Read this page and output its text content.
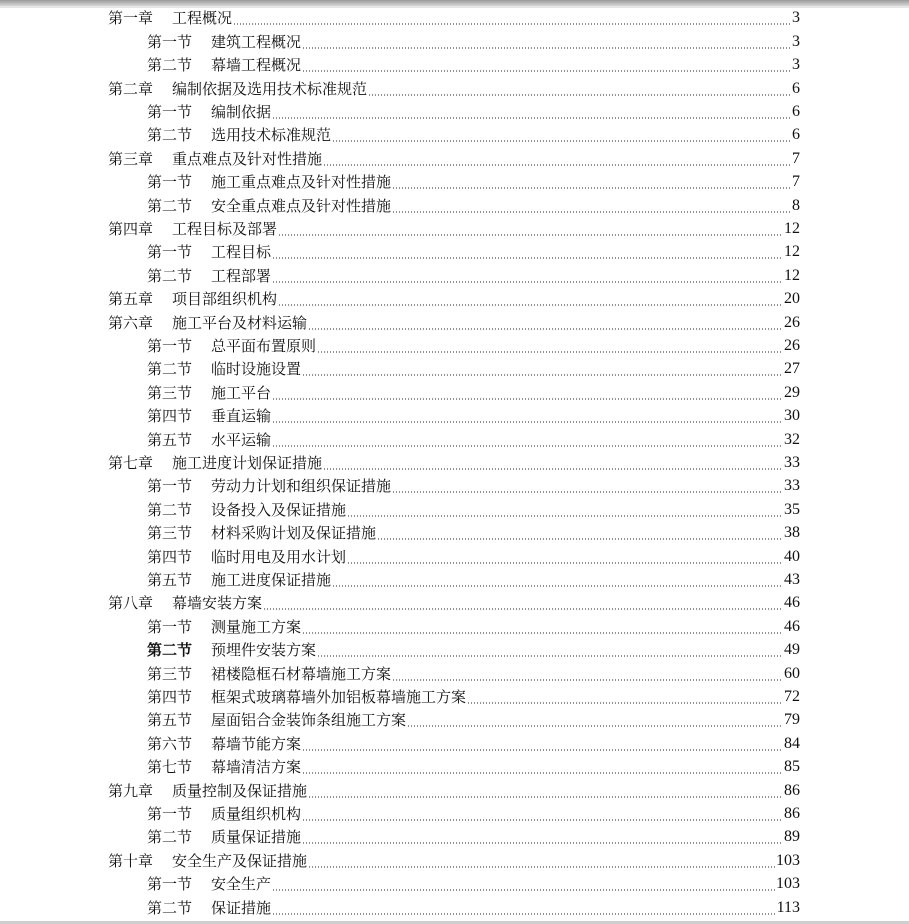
第一章 工程概况	3
第一节 建筑工程概况	3
第二节 幕墙工程概况	3
第二章 编制依据及选用技术标准规范	6
第一节 编制依据	6
第二节 选用技术标准规范	6
第三章 重点难点及针对性措施	7
第一节 施工重点难点及针对性措施	7
第二节 安全重点难点及针对性措施	8
第四章 工程目标及部署	12
第一节 工程目标	12
第二节 工程部署	12
第五章 项目部组织机构	20
第六章 施工平台及材料运输	26
第一节 总平面布置原则	26
第二节 临时设施设置	27
第三节 施工平台	29
第四节 垂直运输	30
第五节 水平运输	32
第七章 施工进度计划保证措施	33
第一节 劳动力计划和组织保证措施	33
第二节 设备投入及保证措施	35
第三节 材料采购计划及保证措施	38
第四节 临时用电及用水计划	40
第五节 施工进度保证措施	43
第八章 幕墙安装方案	46
第一节 测量施工方案	46
第二节 预埋件安装方案	49
第三节 裙楼隐框石材幕墙施工方案	60
第四节 框架式玻璃幕墙外加铝板幕墙施工方案	72
第五节 屋面铝合金装饰条组施工方案	79
第六节 幕墙节能方案	84
第七节 幕墙清洁方案	85
第九章 质量控制及保证措施	86
第一节 质量组织机构	86
第二节 质量保证措施	89
第十章 安全生产及保证措施	103
第一节 安全生产	103
第二节 保证措施	113
